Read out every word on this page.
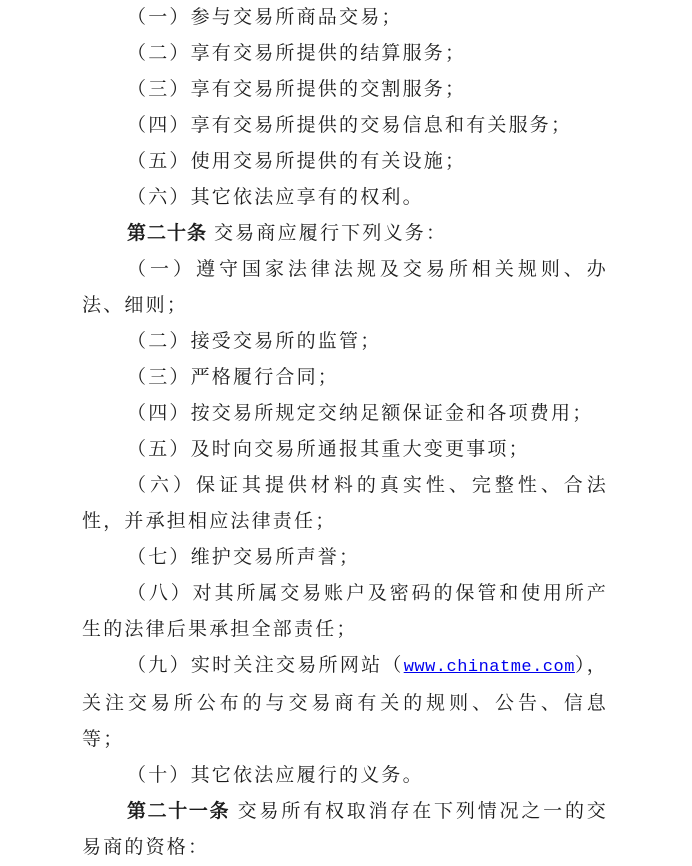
（一）参与交易所商品交易；

（二）享有交易所提供的结算服务；

（三）享有交易所提供的交割服务；

（四）享有交易所提供的交易信息和有关服务；

（五）使用交易所提供的有关设施；

（六）其它依法应享有的权利。

第二十条 交易商应履行下列义务：

（一）遵守国家法律法规及交易所相关规则、办法、细则；

（二）接受交易所的监管；

（三）严格履行合同；

（四）按交易所规定交纳足额保证金和各项费用；

（五）及时向交易所通报其重大变更事项；

（六）保证其提供材料的真实性、完整性、合法性，并承担相应法律责任；

（七）维护交易所声誉；

（八）对其所属交易账户及密码的保管和使用所产生的法律后果承担全部责任；

（九）实时关注交易所网站（www.chinatme.com），关注交易所公布的与交易商有关的规则、公告、信息等；

（十）其它依法应履行的义务。

第二十一条 交易所有权取消存在下列情况之一的交易商的资格：
